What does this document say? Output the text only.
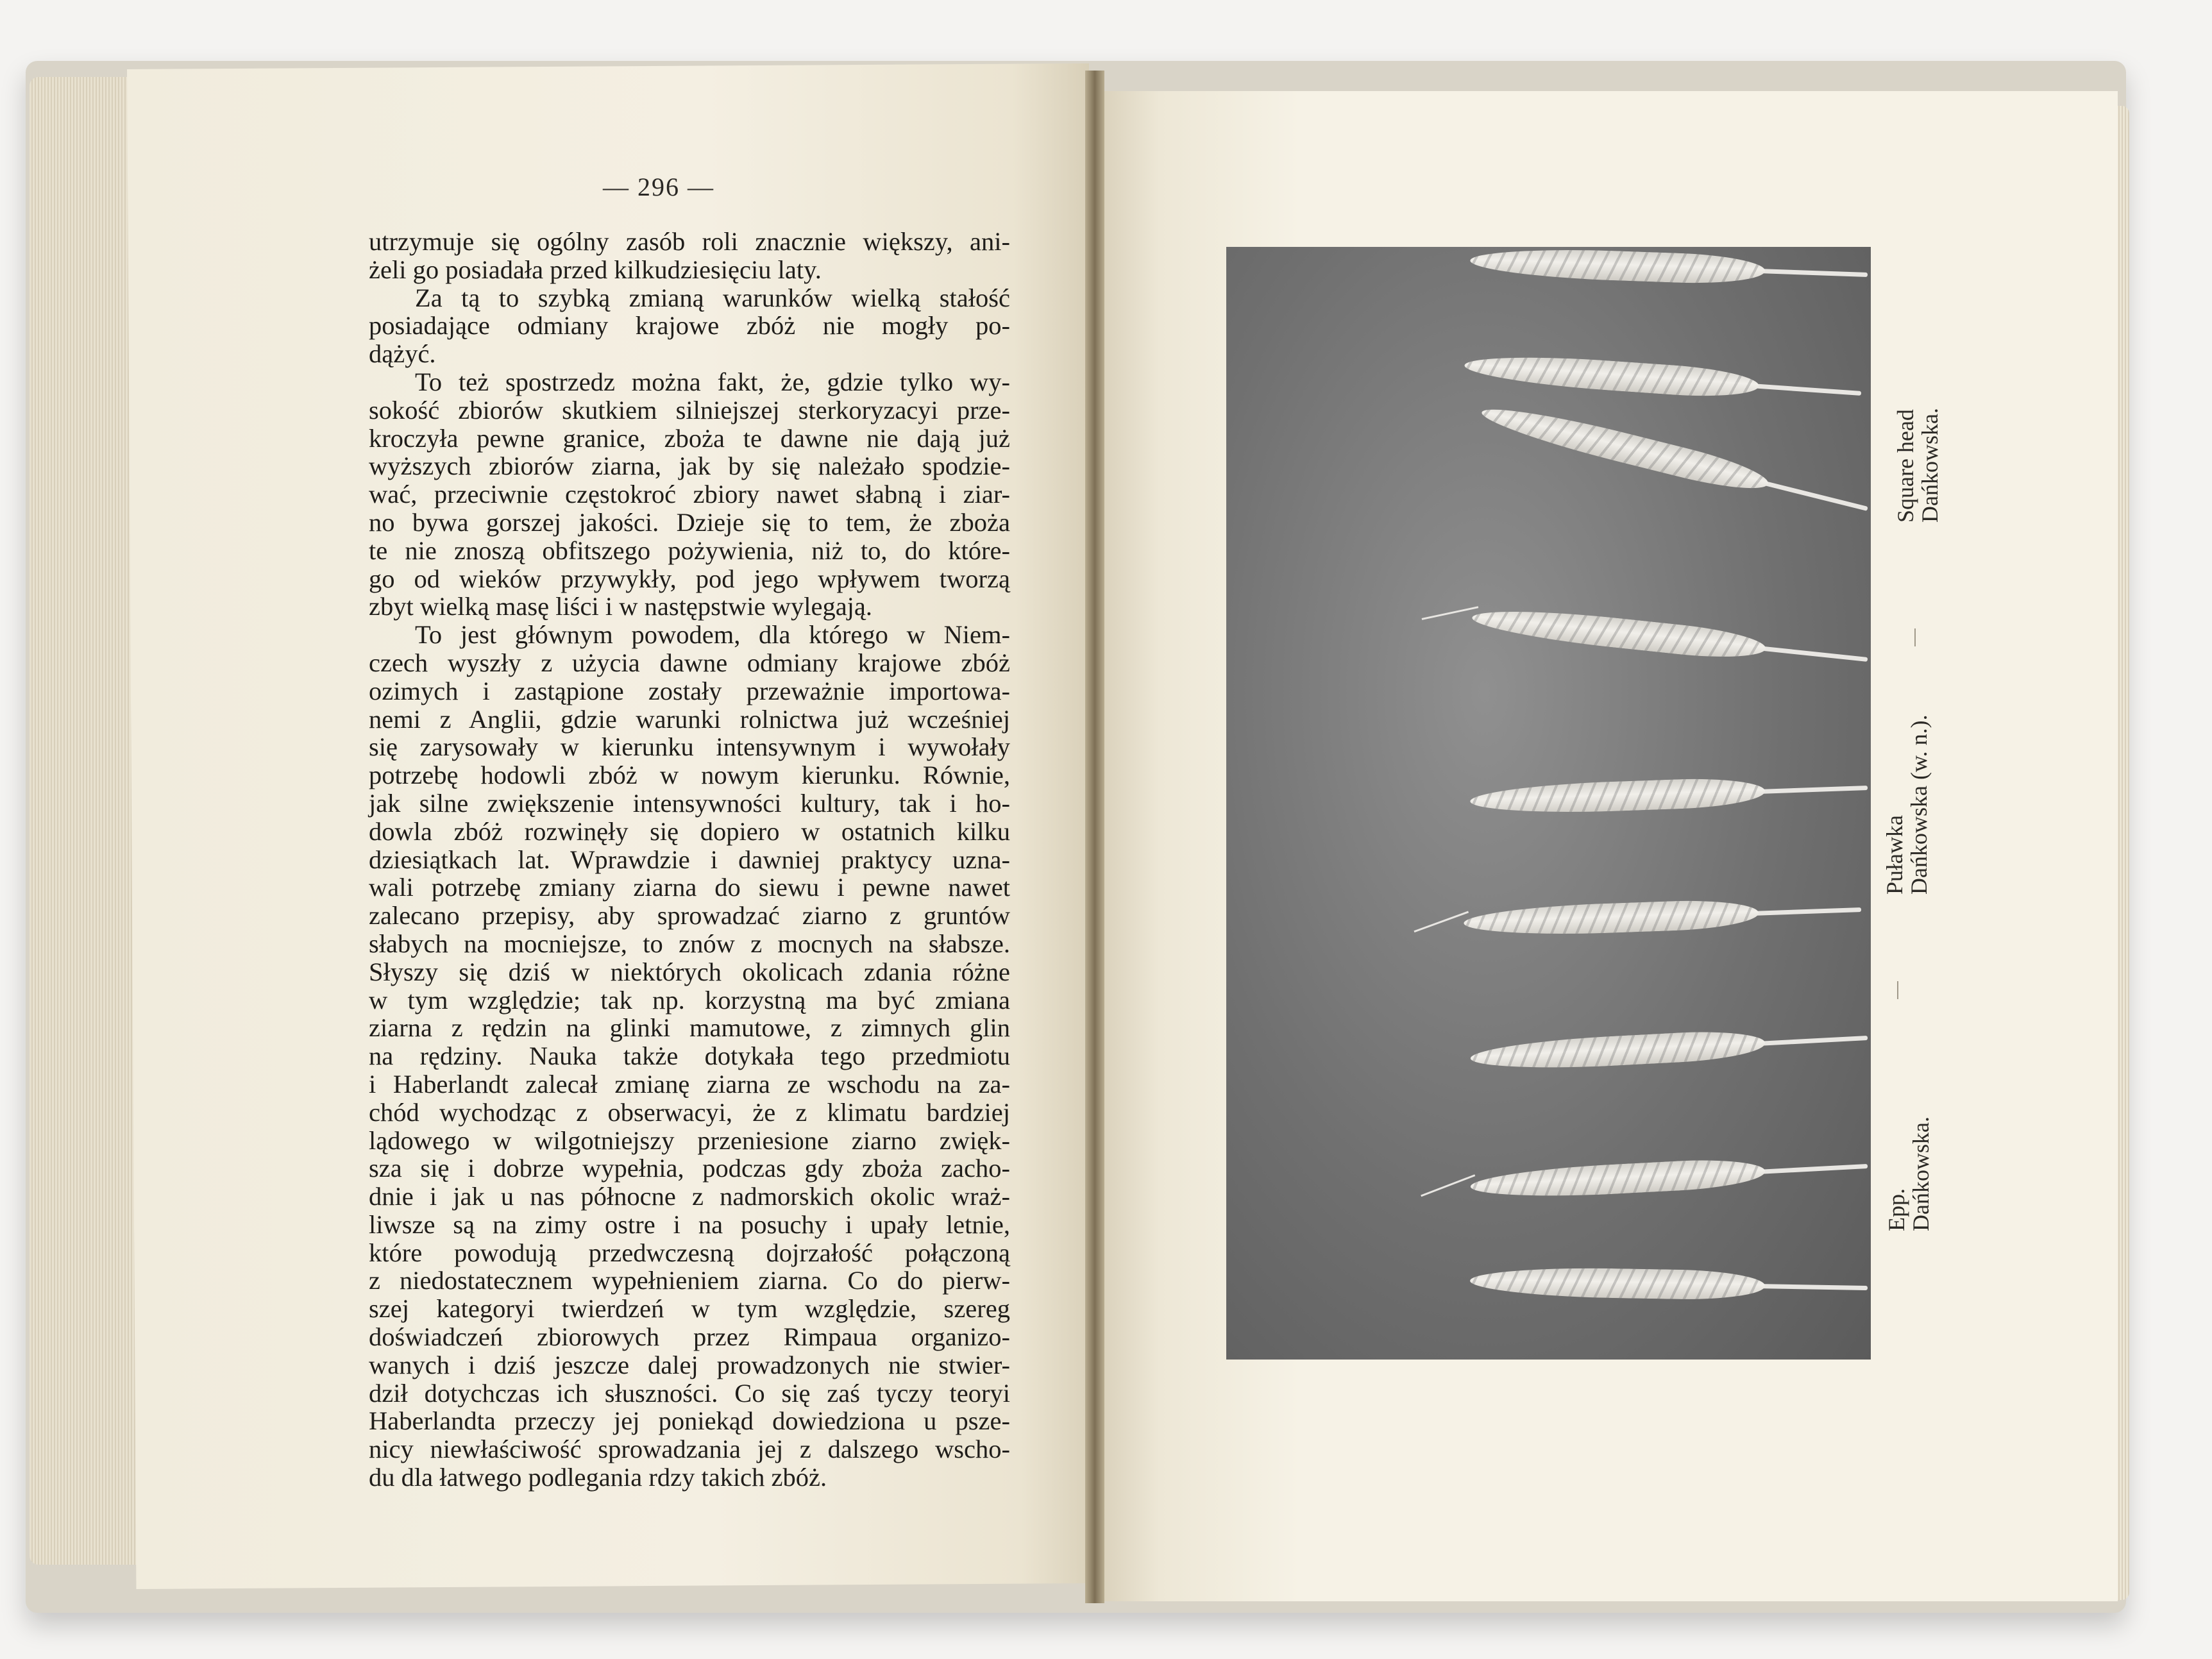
— 296 —
utrzymuje się ogólny zasób roli znacznie większy, ani-
żeli go posiadała przed kilkudziesięciu laty.
Za tą to szybką zmianą warunków wielką stałość
posiadające odmiany krajowe zbóż nie mogły po-
dążyć.
To też spostrzedz można fakt, że, gdzie tylko wy-
sokość zbiorów skutkiem silniejszej sterkoryzacyi prze-
kroczyła pewne granice, zboża te dawne nie dają już
wyższych zbiorów ziarna, jak by się należało spodzie-
wać, przeciwnie częstokroć zbiory nawet słabną i ziar-
no bywa gorszej jakości. Dzieje się to tem, że zboża
te nie znoszą obfitszego pożywienia, niż to, do które-
go od wieków przywykły, pod jego wpływem tworzą
zbyt wielką masę liści i w następstwie wylegają.
To jest głównym powodem, dla którego w Niem-
czech wyszły z użycia dawne odmiany krajowe zbóż
ozimych i zastąpione zostały przeważnie importowa-
nemi z Anglii, gdzie warunki rolnictwa już wcześniej
się zarysowały w kierunku intensywnym i wywołały
potrzebę hodowli zbóż w nowym kierunku. Równie,
jak silne zwiększenie intensywności kultury, tak i ho-
dowla zbóż rozwinęły się dopiero w ostatnich kilku
dziesiątkach lat. Wprawdzie i dawniej praktycy uzna-
wali potrzebę zmiany ziarna do siewu i pewne nawet
zalecano przepisy, aby sprowadzać ziarno z gruntów
słabych na mocniejsze, to znów z mocnych na słabsze.
Słyszy się dziś w niektórych okolicach zdania różne
w tym względzie; tak np. korzystną ma być zmiana
ziarna z rędzin na glinki mamutowe, z zimnych glin
na rędziny. Nauka także dotykała tego przedmiotu
i Haberlandt zalecał zmianę ziarna ze wschodu na za-
chód wychodząc z obserwacyi, że z klimatu bardziej
lądowego w wilgotniejszy przeniesione ziarno zwięk-
sza się i dobrze wypełnia, podczas gdy zboża zacho-
dnie i jak u nas północne z nadmorskich okolic wraż-
liwsze są na zimy ostre i na posuchy i upały letnie,
które powodują przedwczesną dojrzałość połączoną
z niedostatecznem wypełnieniem ziarna. Co do pierw-
szej kategoryi twierdzeń w tym względzie, szereg
doświadczeń zbiorowych przez Rimpaua organizo-
wanych i dziś jeszcze dalej prowadzonych nie stwier-
dził dotychczas ich słuszności. Co się zaś tyczy teoryi
Haberlandta przeczy jej poniekąd dowiedziona u psze-
nicy niewłaściwość sprowadzania jej z dalszego wscho-
du dla łatwego podlegania rdzy takich zbóż.
Square head
Dańkowska.
Puławka
Dańkowska (w. n.).
Epp.
Dańkowska.
